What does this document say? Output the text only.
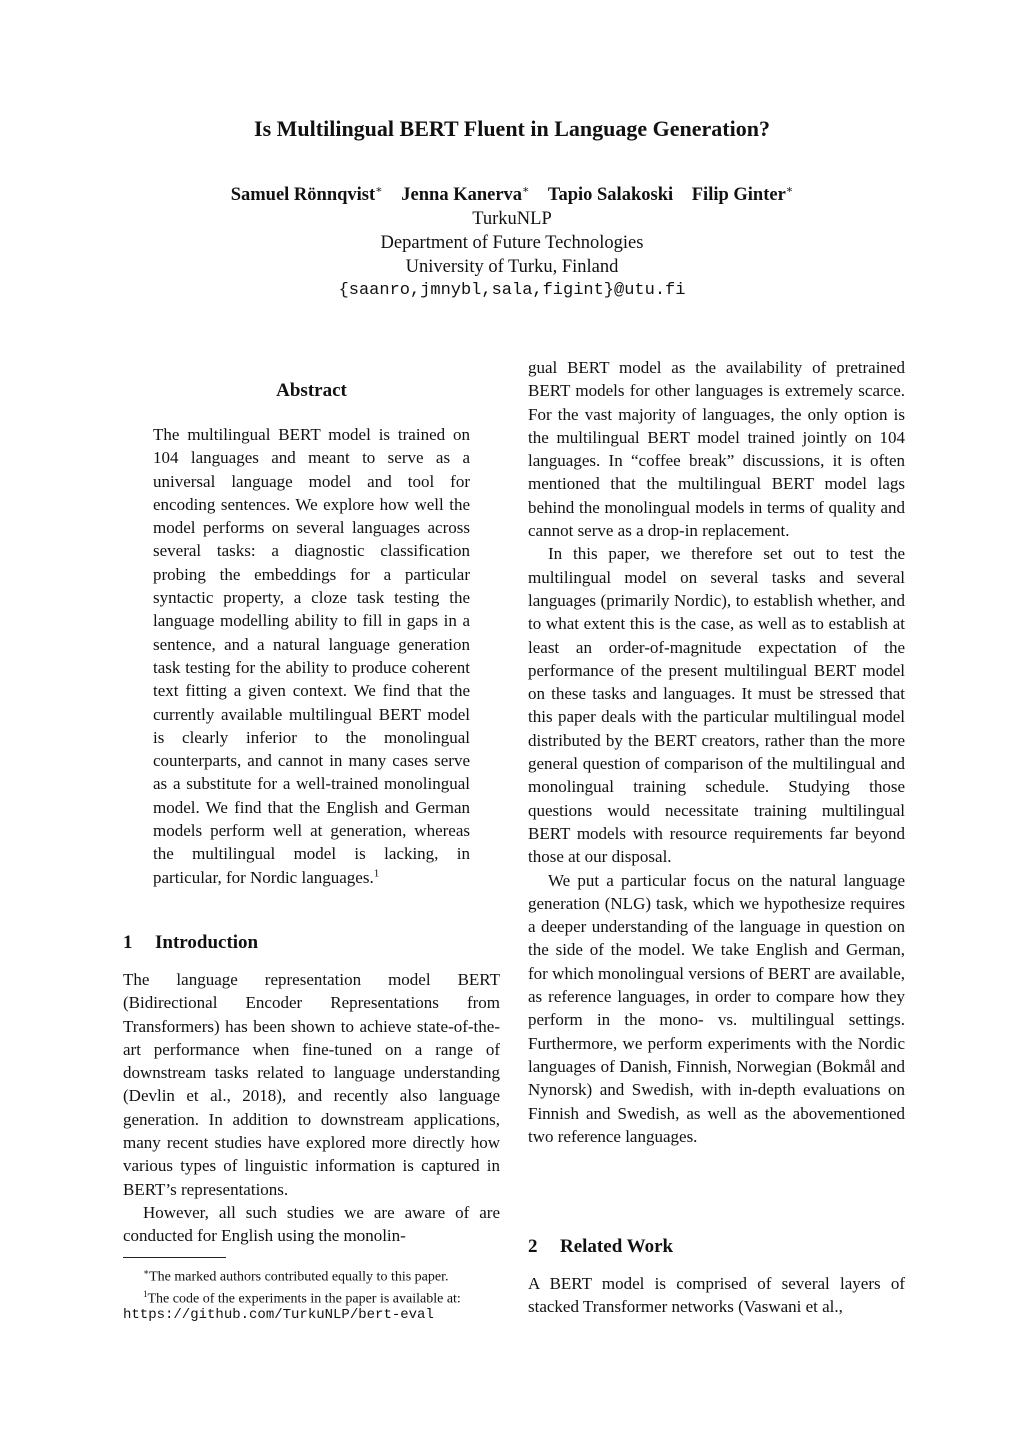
Is Multilingual BERT Fluent in Language Generation?
Samuel Rönnqvist∗ Jenna Kanerva∗ Tapio Salakoski Filip Ginter∗
TurkuNLP
Department of Future Technologies
University of Turku, Finland
{saanro,jmnybl,sala,figint}@utu.fi
Abstract

The multilingual BERT model is trained on 104 languages and meant to serve as a universal language model and tool for encoding sentences. We explore how well the model performs on several languages across several tasks: a diagnostic classification probing the embeddings for a particular syntactic property, a cloze task testing the language modelling ability to fill in gaps in a sentence, and a natural language generation task testing for the ability to produce coherent text fitting a given context. We find that the currently available multilingual BERT model is clearly inferior to the monolingual counterparts, and cannot in many cases serve as a substitute for a well-trained monolingual model. We find that the English and German models perform well at generation, whereas the multilingual model is lacking, in particular, for Nordic languages.$^1$

1 Introduction

The language representation model BERT (Bidirectional Encoder Representations from Transformers) has been shown to achieve state-of-the-art performance when fine-tuned on a range of downstream tasks related to language understanding (Devlin et al., 2018), and recently also language generation. In addition to downstream applications, many recent studies have explored more directly how various types of linguistic information is captured in BERT’s representations.

However, all such studies we are aware of are conducted for English using the monolin-

∗The marked authors contributed equally to this paper.
$^1$The code of the experiments in the paper is available at:
https://github.com/TurkuNLP/bert-eval

gual BERT model as the availability of pretrained BERT models for other languages is extremely scarce. For the vast majority of languages, the only option is the multilingual BERT model trained jointly on 104 languages. In “coffee break” discussions, it is often mentioned that the multilingual BERT model lags behind the monolingual models in terms of quality and cannot serve as a drop-in replacement.

In this paper, we therefore set out to test the multilingual model on several tasks and several languages (primarily Nordic), to establish whether, and to what extent this is the case, as well as to establish at least an order-of-magnitude expectation of the performance of the present multilingual BERT model on these tasks and languages. It must be stressed that this paper deals with the particular multilingual model distributed by the BERT creators, rather than the more general question of comparison of the multilingual and monolingual training schedule. Studying those questions would necessitate training multilingual BERT models with resource requirements far beyond those at our disposal.

We put a particular focus on the natural language generation (NLG) task, which we hypothesize requires a deeper understanding of the language in question on the side of the model. We take English and German, for which monolingual versions of BERT are available, as reference languages, in order to compare how they perform in the mono- vs. multilingual settings. Furthermore, we perform experiments with the Nordic languages of Danish, Finnish, Norwegian (Bokmål and Nynorsk) and Swedish, with in-depth evaluations on Finnish and Swedish, as well as the abovementioned two reference languages.

2 Related Work

A BERT model is comprised of several layers of stacked Transformer networks (Vaswani et al.,
